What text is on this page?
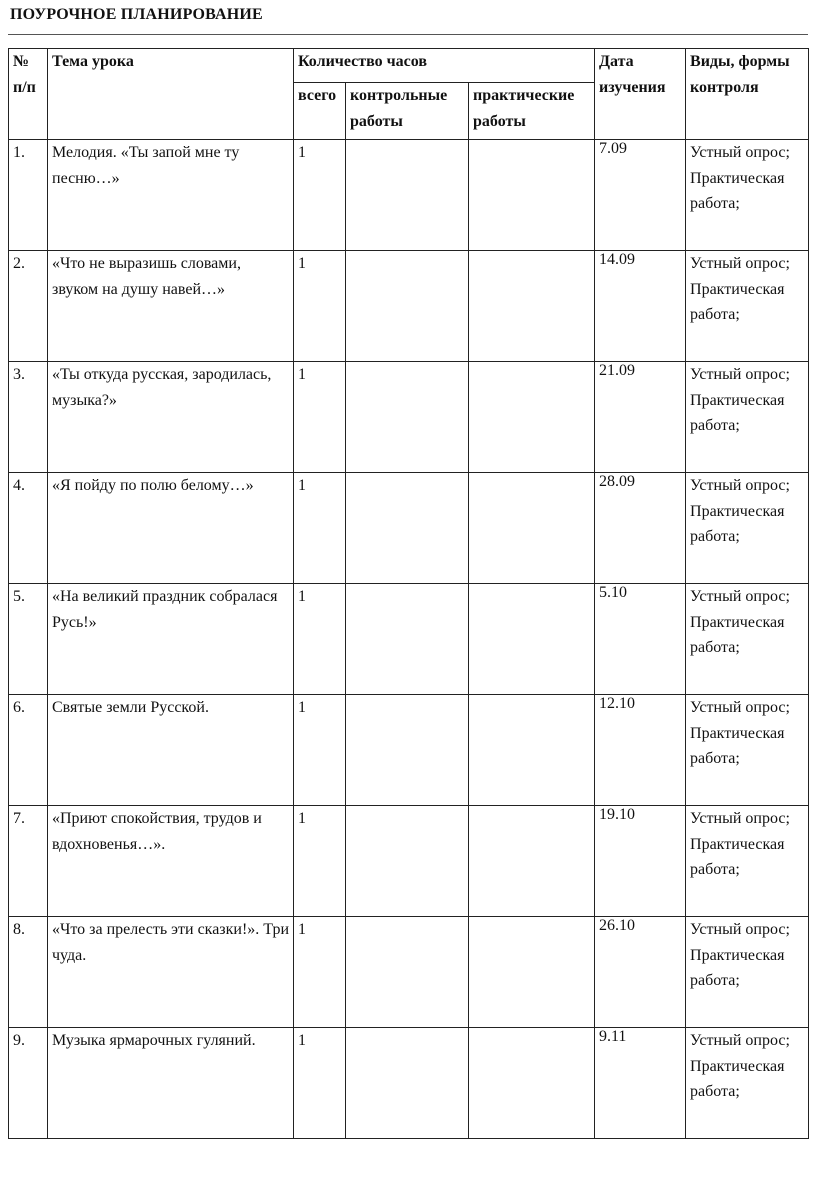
ПОУРОЧНОЕ ПЛАНИРОВАНИЕ
№ п/п	Тема урока	Количество часов			Дата изучения	Виды, формы контроля
		всего	контрольные работы	практические работы		
1.	Мелодия. «Ты запой мне ту песню…»	1			7.09	Устный опрос; Практическая работа;
2.	«Что не выразишь словами, звуком на душу навей…»	1			14.09	Устный опрос; Практическая работа;
3.	«Ты откуда русская, зародилась, музыка?»	1			21.09	Устный опрос; Практическая работа;
4.	«Я пойду по полю белому…»	1			28.09	Устный опрос; Практическая работа;
5.	«На великий праздник собралася Русь!»	1			5.10	Устный опрос; Практическая работа;
6.	Святые земли Русской.	1			12.10	Устный опрос; Практическая работа;
7.	«Приют спокойствия, трудов и вдохновенья…».	1			19.10	Устный опрос; Практическая работа;
8.	«Что за прелесть эти сказки!». Три чуда.	1			26.10	Устный опрос; Практическая работа;
9.	Музыка ярмарочных гуляний.	1			9.11	Устный опрос; Практическая работа;
